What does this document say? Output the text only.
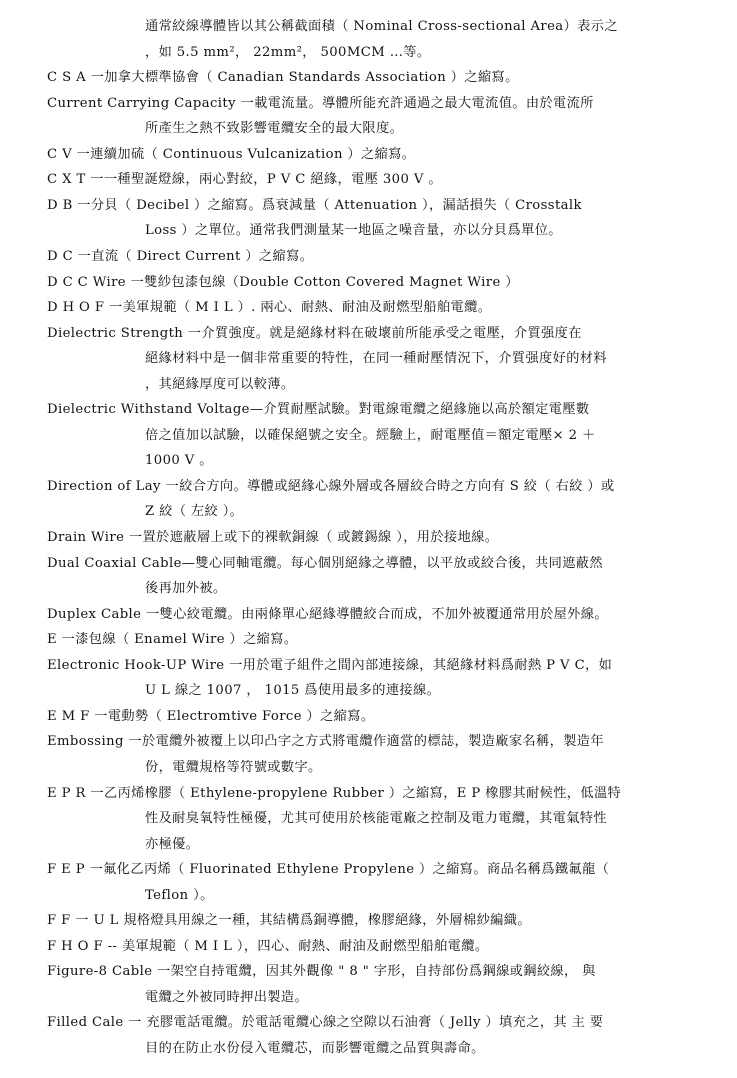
通常絞線導體皆以其公稱截面積（ Nominal Cross-sectional Area）表示之
，如 5.5 mm²， 22mm²， 500MCM …等。
C S A 一加拿大標準協會（ Canadian Standards Association ）之縮寫。
Current Carrying Capacity 一載電流量。導體所能充許通過之最大電流值。由於電流所
所產生之熱不致影響電纜安全的最大限度。
C V 一連續加硫（ Continuous Vulcanization ）之縮寫。
C X T 一一種聖誕燈線，兩心對絞，P V C 絕緣，電壓 300 V 。
D B 一分貝（ Decibel ）之縮寫。爲衰減量（ Attenuation ），漏話損失（ Crosstalk
Loss ）之單位。通常我們測量某一地區之噪音量，亦以分貝爲單位。
D C 一直流（ Direct Current ）之縮寫。
D C C Wire 一雙紗包漆包線（Double Cotton Covered Magnet Wire ）
D H O F 一美軍規範（ M I L ）. 兩心、耐熱、耐油及耐燃型船舶電纜。
Dielectric Strength 一介質強度。就是絕緣材料在破壞前所能承受之電壓，介質强度在
絕緣材料中是一個非常重要的特性，在同一種耐壓情況下，介質强度好的材料
，其絕緣厚度可以較薄。
Dielectric Withstand Voltage—介質耐壓試驗。對電線電纜之絕緣施以高於額定電壓數
倍之值加以試驗，以確保絕號之安全。經驗上，耐電壓值＝額定電壓× 2 ＋
1000 V 。
Direction of Lay 一絞合方向。導體或絕緣心線外層或各層絞合時之方向有 S 絞（ 右絞 ）或
Z 絞（ 左絞 ）。
Drain Wire 一置於遮蔽層上或下的裸軟銅線（ 或鍍錫線 ），用於接地線。
Dual Coaxial Cable—雙心同軸電纜。每心個別絕緣之導體，以平放或絞合後，共同遮蔽然
後再加外被。
Duplex Cable 一雙心絞電纜。由兩條單心絕緣導體絞合而成，不加外被覆通常用於屋外線。
E 一漆包線（ Enamel Wire ）之縮寫。
Electronic Hook-UP Wire 一用於電子組件之間內部連接線，其絕緣材料爲耐熱 P V C，如
U L 線之 1007 ， 1015 爲使用最多的連接線。
E M F 一電動勢（ Electromtive Force ）之縮寫。
Embossing 一於電纜外被覆上以印凸字之方式將電纜作適當的標誌，製造廠家名稱，製造年
份，電纜規格等符號或數字。
E P R 一乙丙烯橡膠（ Ethylene-propylene Rubber ）之縮寫，E P 橡膠其耐候性，低溫特
性及耐臭氧特性極優，尤其可使用於核能電廠之控制及電力電纜，其電氣特性
亦極優。
F E P 一氟化乙丙烯（ Fluorinated Ethylene Propylene ）之縮寫。商品名稱爲鐵氟龍（
Teflon ）。
F F 一 U L 規格燈具用線之一種，其結構爲銅導體，橡膠絕緣，外層棉紗編織。
F H O F -- 美軍規範（ M I L ），四心、耐熱、耐油及耐燃型船舶電纜。
Figure-8 Cable 一架空自持電纜，因其外觀像 " 8 " 字形，自持部份爲鋼線或鋼絞線， 與
電纜之外被同時押出製造。
Filled Cale 一 充膠電話電纜。於電話電纜心線之空隙以石油膏（ Jelly ）填充之，其 主 要
目的在防止水份侵入電纜芯，而影響電纜之品質與壽命。
